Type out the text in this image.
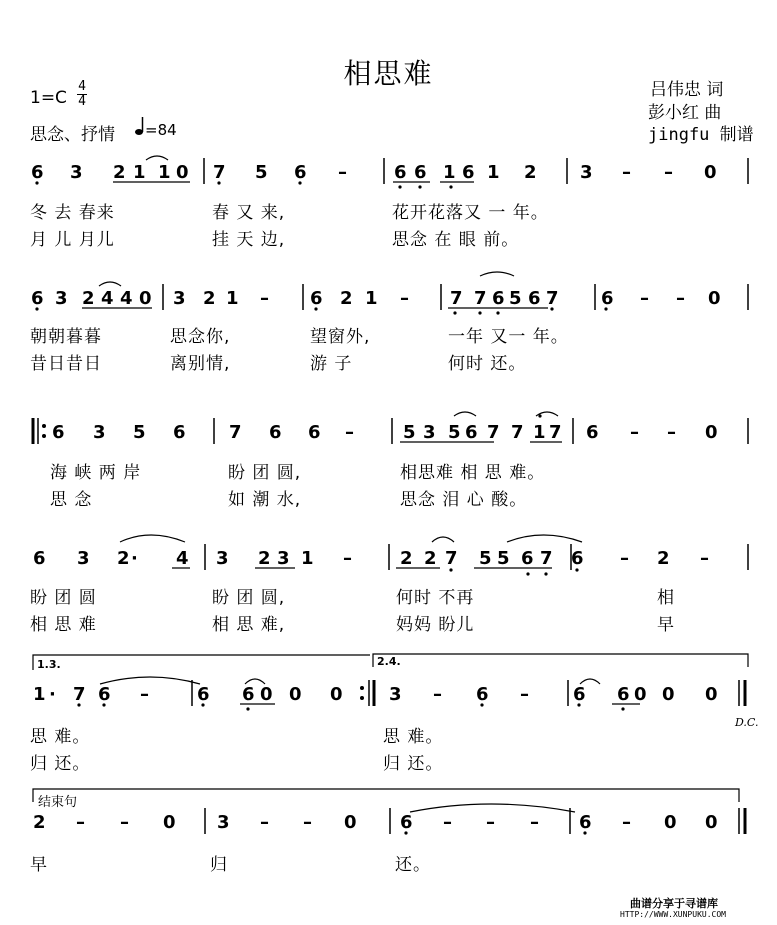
相思难
1=C
4
4
思念、抒情 =84
吕伟忠 词
彭小红 曲
jingfu 制谱
6 3 2 1 1 0 7 5 6 –	6 6 1 6 1 2 3 – – 0
6 3 2 4 4 0 3 2 1 – 6 2 1 – 7 7 6 5 6 7 6 – – 0
6 3 5 6 7 6 6 –	5 3 5 6 7 7 1 7 6 – – 0
6 3 2 · 4 3 2 3 1 –	2 2 7 5 5 6 7 6 – 2 –
1 · 7 6 –	6 6 0 0 0	3 – 6 – 6 6 0 0 0
2 – – 0 3 – – 0 6 – – – 6 – 0 0
冬 去 春来	春 又 来,	花开花落又 一 年。
月 儿 月儿	挂 天 边,	思念 在 眼 前。
朝朝暮暮	思念你,	望窗外,	一年 又一 年。
昔日昔日	离别情,	游 子	何时 还。
海 峡 两 岸	盼 团 圆,	相思难 相 思 难。
思 念	如 潮 水,	思念 泪 心 酸。
盼 团 圆	盼 团 圆,	何时 不再	相
相 思 难	相 思 难,	妈妈 盼儿	早
思 难。	思 难。
归 还。	归 还。
早	归	还。
1.3.	2.4.
结束句
D.C.
曲谱分享于寻谱库
HTTP://WWW.XUNPUKU.COM
